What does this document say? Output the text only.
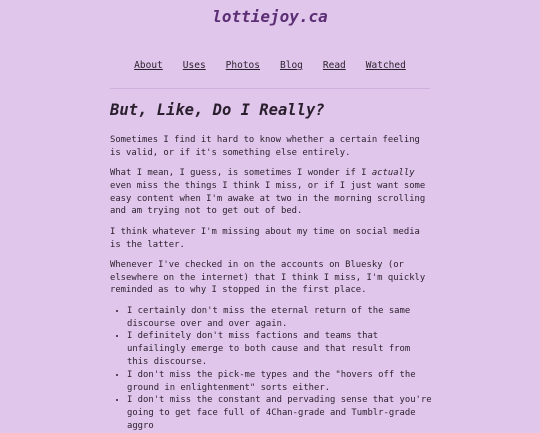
lottiejoy.ca
About Uses Photos Blog Read Watched
But, Like, Do I Really?

Sometimes I find it hard to know whether a certain feeling is valid, or if it's something else entirely.

What I mean, I guess, is sometimes I wonder if I actually even miss the things I think I miss, or if I just want some easy content when I'm awake at two in the morning scrolling and am trying not to get out of bed.

I think whatever I'm missing about my time on social media is the latter.

Whenever I've checked in on the accounts on Bluesky (or elsewhere on the internet) that I think I miss, I'm quickly reminded as to why I stopped in the first place.

• I certainly don't miss the eternal return of the same discourse over and over again.
• I definitely don't miss factions and teams that unfailingly emerge to both cause and that result from this discourse.
• I don't miss the pick-me types and the "hovers off the ground in enlightenment" sorts either.
• I don't miss the constant and pervading sense that you're going to get face full of 4Chan-grade and Tumblr-grade aggro
